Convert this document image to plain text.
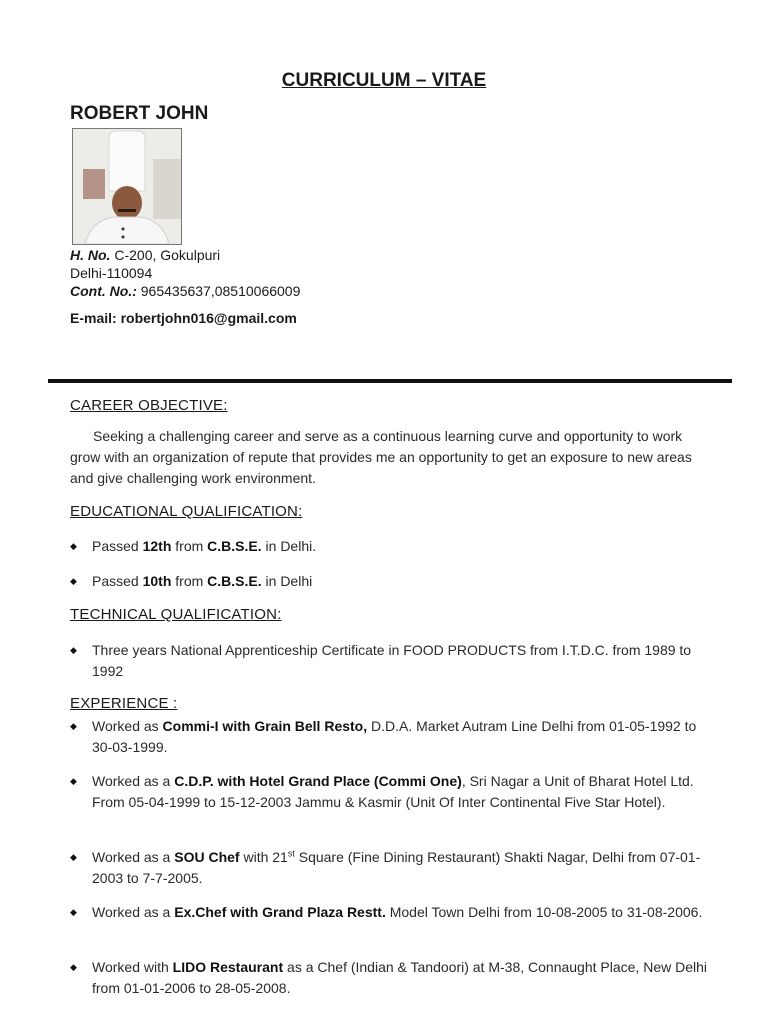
CURRICULUM – VITAE
ROBERT JOHN
H. No. C-200, Gokulpuri
Delhi-110094
Cont. No.: 965435637,08510066009
E-mail: robertjohn016@gmail.com
CAREER OBJECTIVE:
Seeking a challenging career and serve as a continuous learning curve and opportunity to work grow with an organization of repute that provides me an opportunity to get an exposure to new areas and give challenging work environment.
EDUCATIONAL QUALIFICATION:
◆	Passed 12th from C.B.S.E. in Delhi.
◆	Passed 10th from C.B.S.E. in Delhi
TECHNICAL QUALIFICATION:
◆	Three years National Apprenticeship Certificate in FOOD PRODUCTS from I.T.D.C. from 1989 to 1992
EXPERIENCE :
◆	Worked as Commi-I with Grain Bell Resto, D.D.A. Market Autram Line Delhi from 01-05-1992 to 30-03-1999.
◆	Worked as a C.D.P. with Hotel Grand Place (Commi One), Sri Nagar a Unit of Bharat Hotel Ltd. From 05-04-1999 to 15-12-2003 Jammu & Kasmir (Unit Of Inter Continental Five Star Hotel).
◆	Worked as a SOU Chef with 21st Square (Fine Dining Restaurant) Shakti Nagar, Delhi from 07-01-2003 to 7-7-2005.
◆	Worked as a Ex.Chef with Grand Plaza Restt. Model Town Delhi from 10-08-2005 to 31-08-2006.
◆	Worked with LIDO Restaurant as a Chef (Indian & Tandoori) at M-38, Connaught Place, New Delhi from 01-01-2006 to 28-05-2008.
